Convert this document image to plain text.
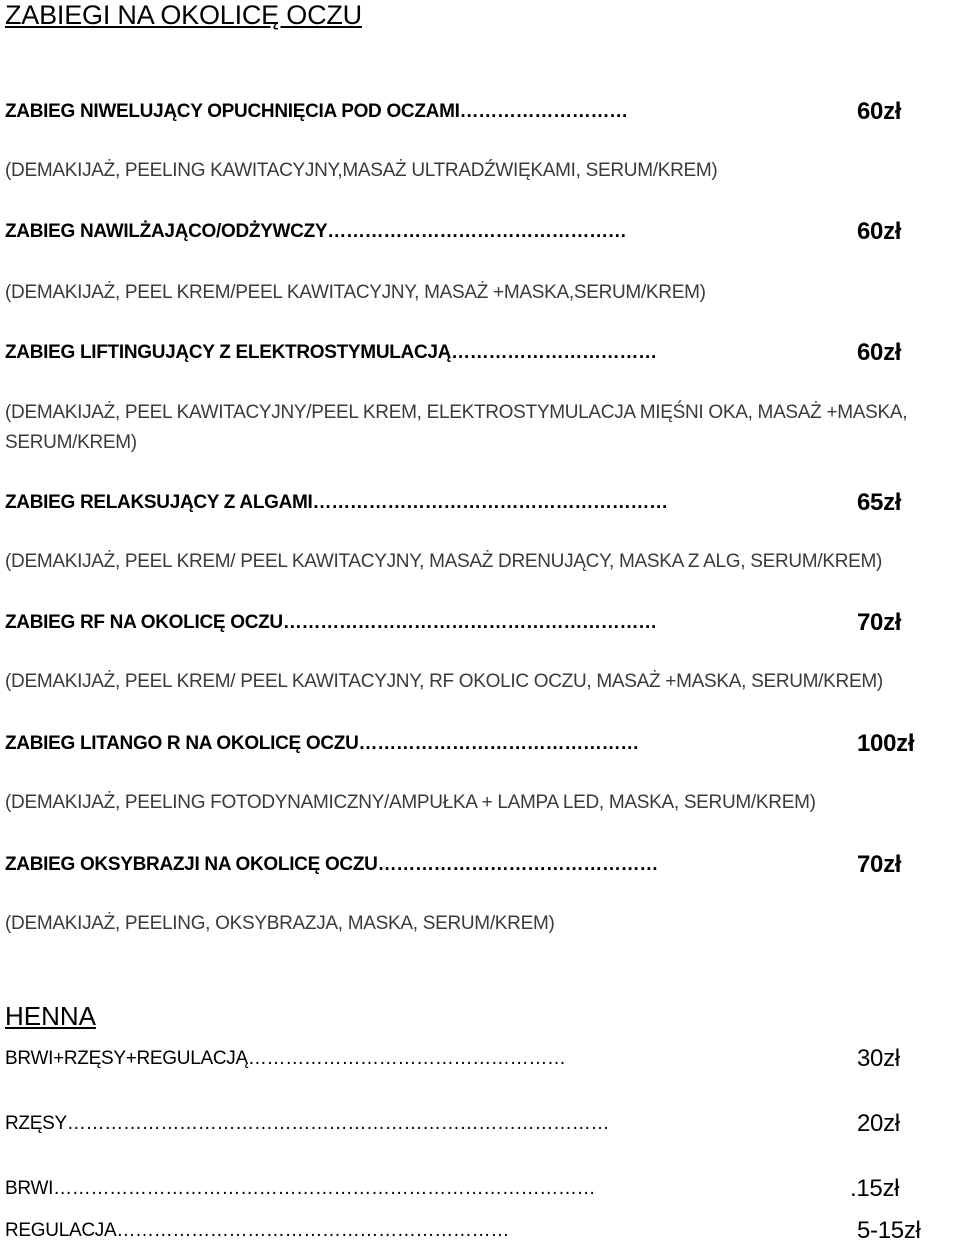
ZABIEGI NA OKOLICĘ OCZU
ZABIEG NIWELUJĄCY OPUCHNIĘCIA POD OCZAMI………………………	60zł
(DEMAKIJAŻ, PEELING KAWITACYJNY,MASAŻ ULTRADŹWIĘKAMI, SERUM/KREM)
ZABIEG NAWILŻAJĄCO/ODŻYWCZY…………………………………………	60zł
(DEMAKIJAŻ, PEEL KREM/PEEL KAWITACYJNY, MASAŻ +MASKA,SERUM/KREM)
ZABIEG LIFTINGUJĄCY Z ELEKTROSTYMULACJĄ……………………………	60zł
(DEMAKIJAŻ, PEEL KAWITACYJNY/PEEL KREM, ELEKTROSTYMULACJA MIĘŚNI OKA, MASAŻ +MASKA,
SERUM/KREM)
ZABIEG RELAKSUJĄCY Z ALGAMI…………………………………………………	65zł
(DEMAKIJAŻ, PEEL KREM/ PEEL KAWITACYJNY, MASAŻ DRENUJĄCY, MASKA Z ALG, SERUM/KREM)
ZABIEG RF NA OKOLICĘ OCZU……………………………………………………	70zł
(DEMAKIJAŻ, PEEL KREM/ PEEL KAWITACYJNY, RF OKOLIC OCZU, MASAŻ +MASKA, SERUM/KREM)
ZABIEG LITANGO R NA OKOLICĘ OCZU………………………………………	100zł
(DEMAKIJAŻ, PEELING FOTODYNAMICZNY/AMPUŁKA + LAMPA LED, MASKA, SERUM/KREM)
ZABIEG OKSYBRAZJI NA OKOLICĘ OCZU………………………………………	70zł
(DEMAKIJAŻ, PEELING, OKSYBRAZJA, MASKA, SERUM/KREM)
HENNA
BRWI+RZĘSY+REGULACJĄ……………………………………………	30zł
RZĘSY……………………………………………………………………………	20zł
BRWI……………………………………………………………………………	.15zł
REGULACJA………………………………………………………	5-15zł
